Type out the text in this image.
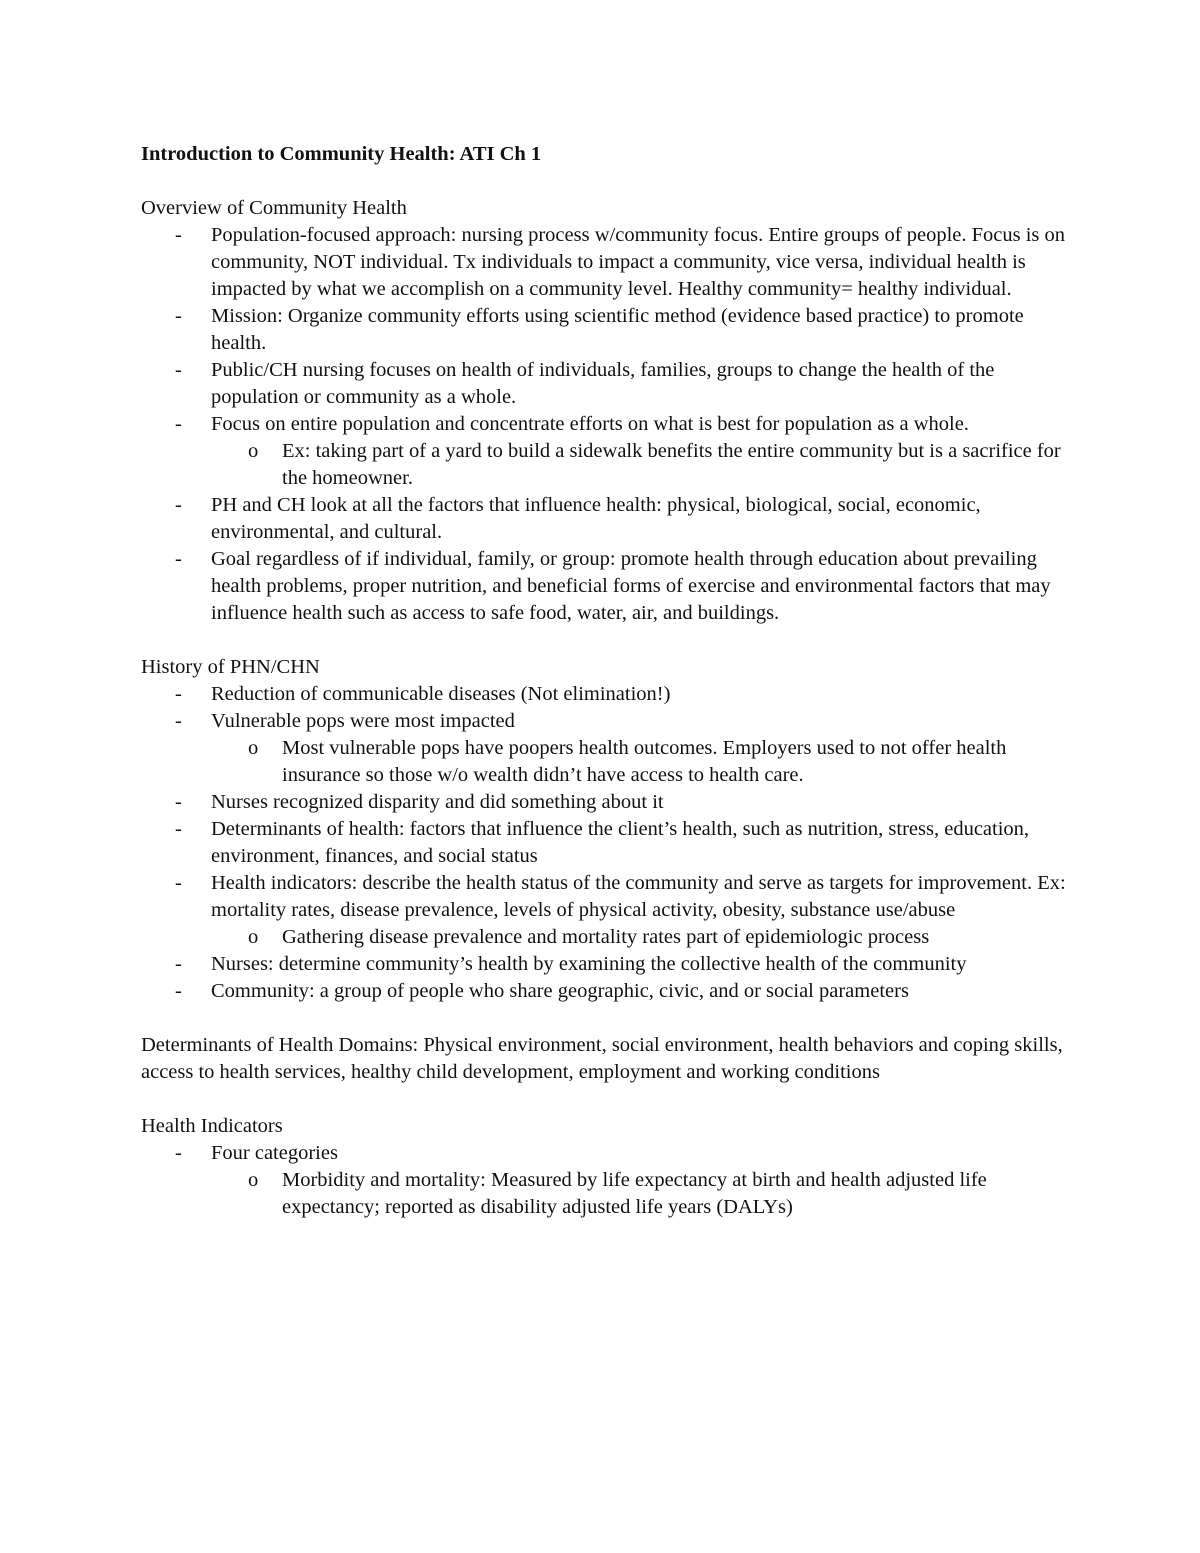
Introduction to Community Health: ATI Ch 1
Overview of Community Health
- Population-focused approach: nursing process w/community focus. Entire groups of people. Focus is on community, NOT individual. Tx individuals to impact a community, vice versa, individual health is impacted by what we accomplish on a community level. Healthy community= healthy individual.
- Mission: Organize community efforts using scientific method (evidence based practice) to promote health.
- Public/CH nursing focuses on health of individuals, families, groups to change the health of the population or community as a whole.
- Focus on entire population and concentrate efforts on what is best for population as a whole.
o Ex: taking part of a yard to build a sidewalk benefits the entire community but is a sacrifice for the homeowner.
- PH and CH look at all the factors that influence health: physical, biological, social, economic, environmental, and cultural.
- Goal regardless of if individual, family, or group: promote health through education about prevailing health problems, proper nutrition, and beneficial forms of exercise and environmental factors that may influence health such as access to safe food, water, air, and buildings.
History of PHN/CHN
- Reduction of communicable diseases (Not elimination!)
- Vulnerable pops were most impacted
o Most vulnerable pops have poopers health outcomes. Employers used to not offer health insurance so those w/o wealth didn’t have access to health care.
- Nurses recognized disparity and did something about it
- Determinants of health: factors that influence the client’s health, such as nutrition, stress, education, environment, finances, and social status
- Health indicators: describe the health status of the community and serve as targets for improvement. Ex: mortality rates, disease prevalence, levels of physical activity, obesity, substance use/abuse
o Gathering disease prevalence and mortality rates part of epidemiologic process
- Nurses: determine community’s health by examining the collective health of the community
- Community: a group of people who share geographic, civic, and or social parameters
Determinants of Health Domains: Physical environment, social environment, health behaviors and coping skills, access to health services, healthy child development, employment and working conditions
Health Indicators
- Four categories
o Morbidity and mortality: Measured by life expectancy at birth and health adjusted life expectancy; reported as disability adjusted life years (DALYs)
